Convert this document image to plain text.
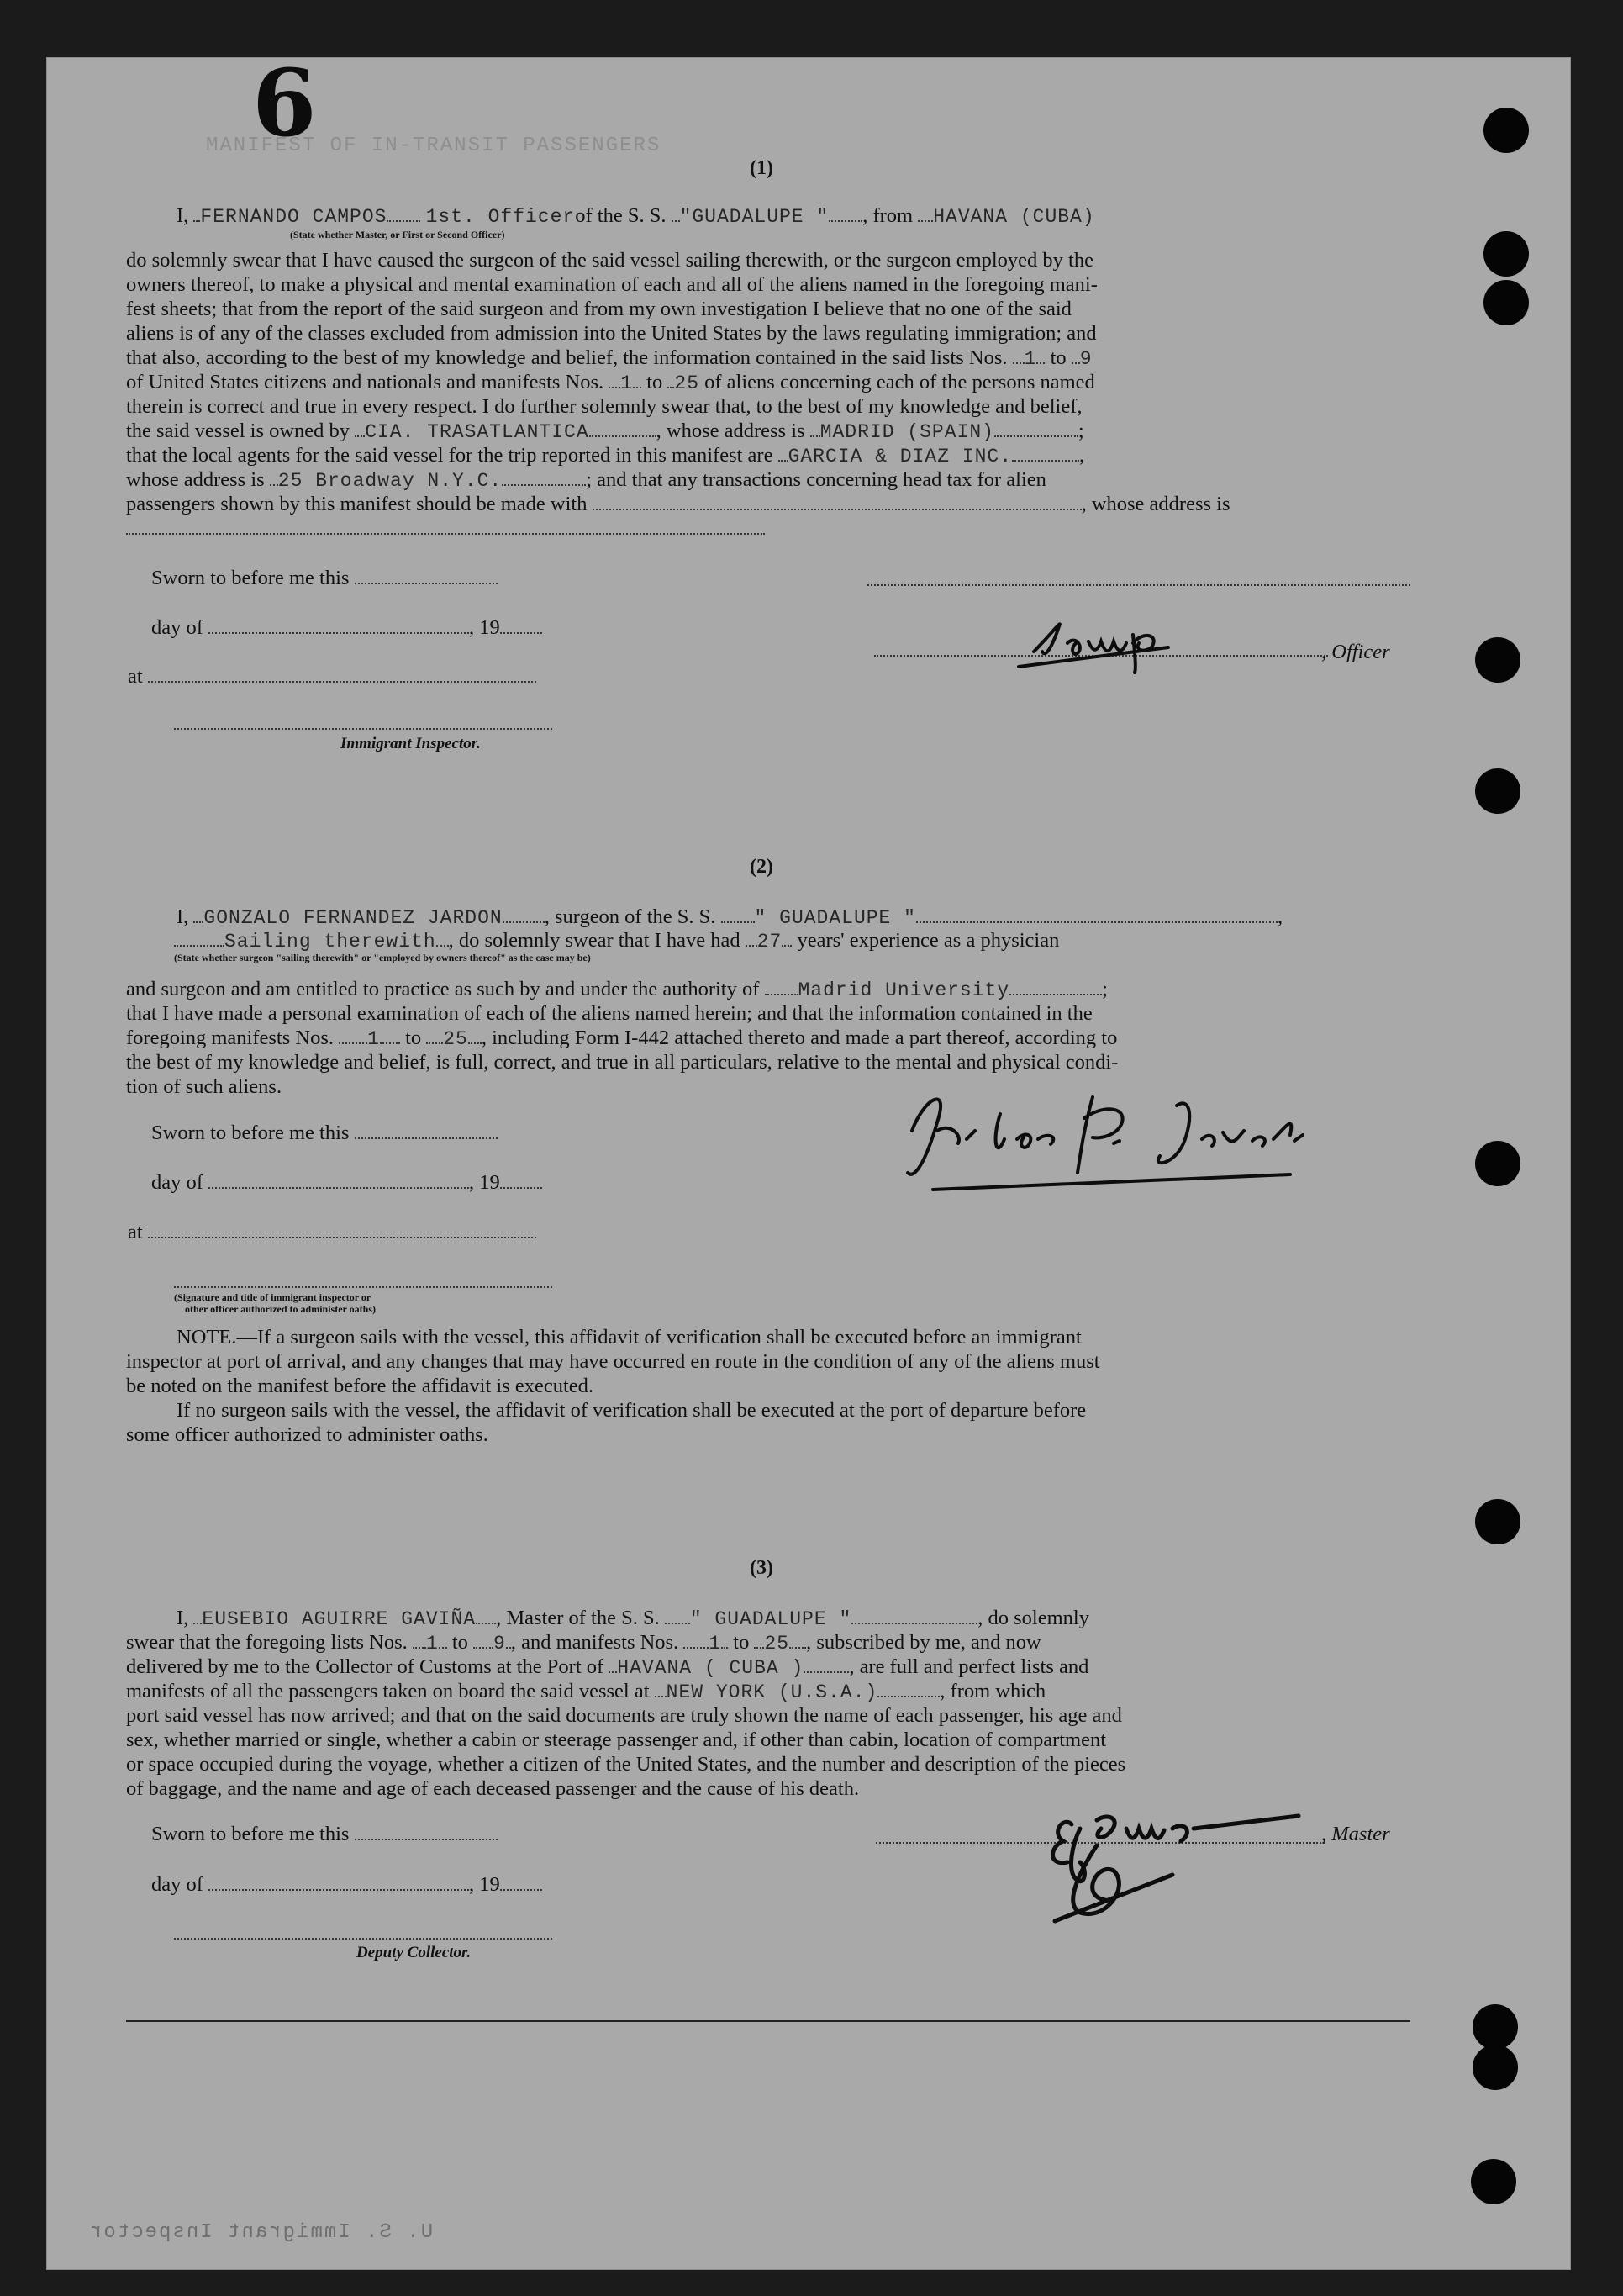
6
MANIFEST OF IN-TRANSIT PASSENGERS
(1)
I, FERNANDO CAMPOS 1st. Officerof the S. S. "GUADALUPE " , from HAVANA (CUBA)
(State whether Master, or First or Second Officer)
do solemnly swear that I have caused the surgeon of the said vessel sailing therewith, or the surgeon employed by the
owners thereof, to make a physical and mental examination of each and all of the aliens named in the foregoing mani-
fest sheets; that from the report of the said surgeon and from my own investigation I believe that no one of the said
aliens is of any of the classes excluded from admission into the United States by the laws regulating immigration; and
that also, according to the best of my knowledge and belief, the information contained in the said lists Nos. 1 to 9
of United States citizens and nationals and manifests Nos. 1 to 25 of aliens concerning each of the persons named
therein is correct and true in every respect. I do further solemnly swear that, to the best of my knowledge and belief,
the said vessel is owned by CIA. TRASATLANTICA	, whose address is MADRID (SPAIN)	;
that the local agents for the said vessel for the trip reported in this manifest are GARCIA & DIAZ INC.	,
whose address is 25 Broadway N.Y.C.	; and that any transactions concerning head tax for alien
passengers shown by this manifest should be made with	, whose address is
Sworn to before me this
day of	, 19
, Officer
at
Immigrant Inspector.
(2)
I, GONZALO FERNANDEZ JARDON , surgeon of the S. S. " GUADALUPE "	,
Sailing therewith , do solemnly swear that I have had 27 years' experience as a physician
(State whether surgeon "sailing therewith" or "employed by owners thereof" as the case may be)
and surgeon and am entitled to practice as such by and under the authority of Madrid University	;
that I have made a personal examination of each of the aliens named herein; and that the information contained in the
foregoing manifests Nos. 1 to 25 , including Form I-442 attached thereto and made a part thereof, according to
the best of my knowledge and belief, is full, correct, and true in all particulars, relative to the mental and physical condi-
tion of such aliens.
Sworn to before me this
day of	, 19
at
(Signature and title of immigrant inspector or
other officer authorized to administer oaths)
NOTE.—If a surgeon sails with the vessel, this affidavit of verification shall be executed before an immigrant
inspector at port of arrival, and any changes that may have occurred en route in the condition of any of the aliens must
be noted on the manifest before the affidavit is executed.
If no surgeon sails with the vessel, the affidavit of verification shall be executed at the port of departure before
some officer authorized to administer oaths.
(3)
I, EUSEBIO AGUIRRE GAVIÑA , Master of the S. S. " GUADALUPE "	, do solemnly
swear that the foregoing lists Nos. 1 to 9 , and manifests Nos. 1 to 25 , subscribed by me, and now
delivered by me to the Collector of Customs at the Port of HAVANA ( CUBA ) , are full and perfect lists and
manifests of all the passengers taken on board the said vessel at NEW YORK (U.S.A.)	, from which
port said vessel has now arrived; and that on the said documents are truly shown the name of each passenger, his age and
sex, whether married or single, whether a cabin or steerage passenger and, if other than cabin, location of compartment
or space occupied during the voyage, whether a citizen of the United States, and the number and description of the pieces
of baggage, and the name and age of each deceased passenger and the cause of his death.
Sworn to before me this	, Master
day of	, 19
Deputy Collector.
U. S. Immigrant Inspector
